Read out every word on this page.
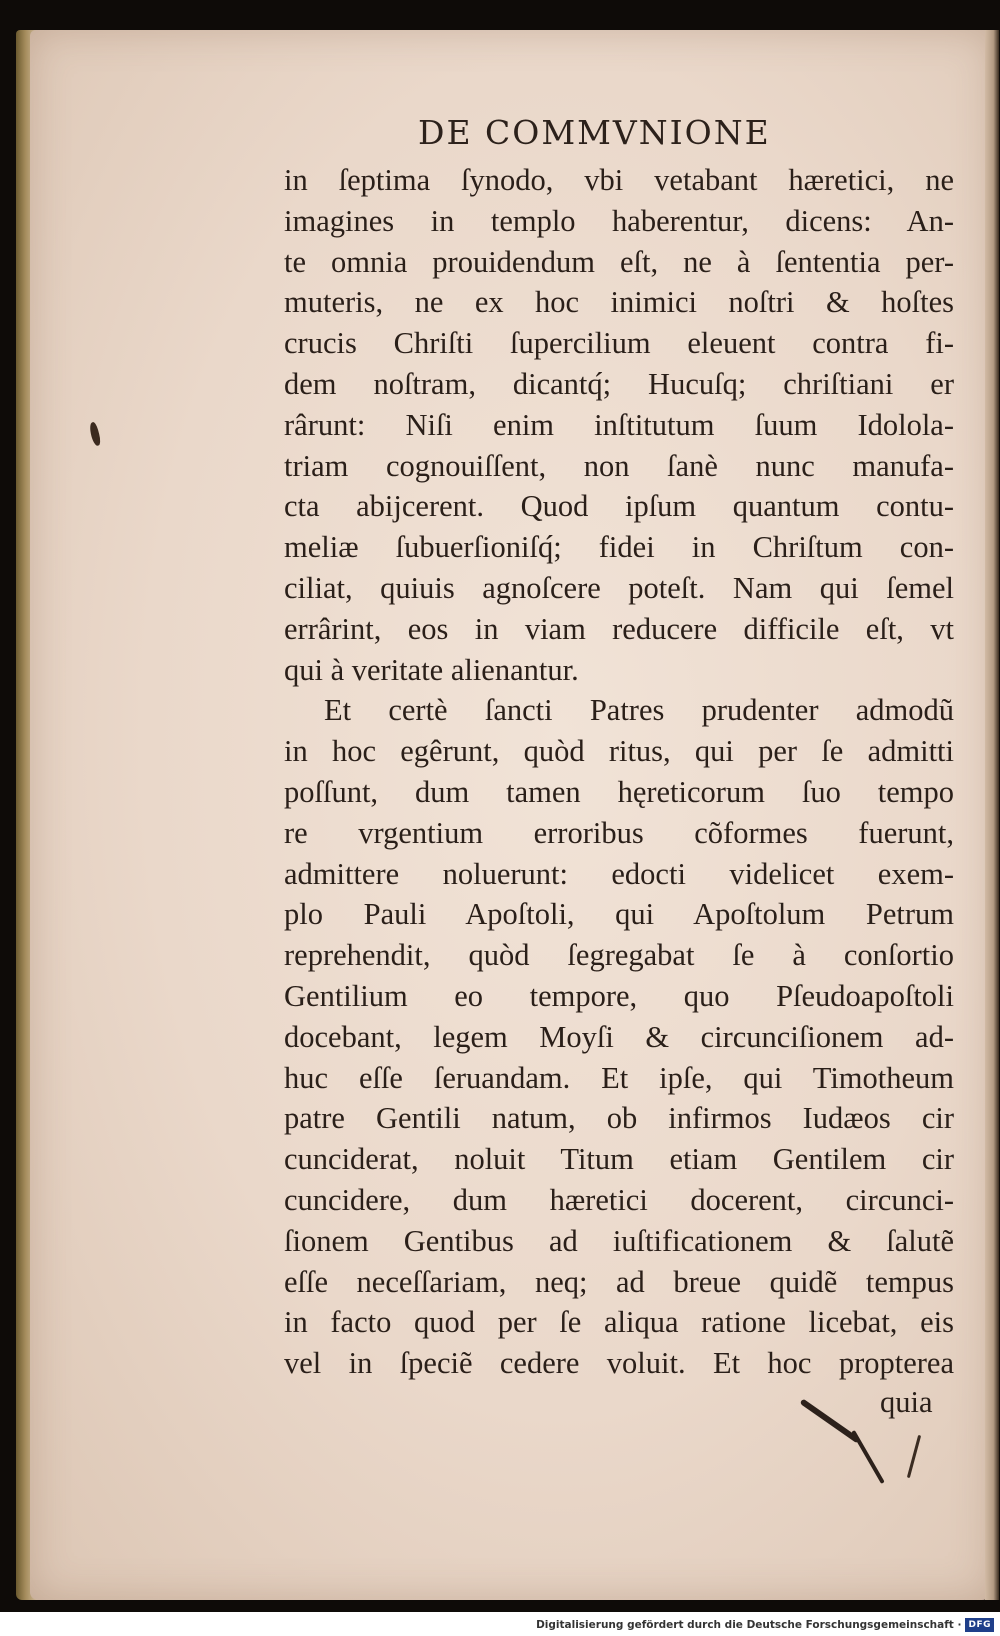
DE COMMVNIONE
in ſeptima ſynodo, vbi vetabant hæretici, ne
imagines in templo haberentur, dicens: An-
te omnia prouidendum eſt, ne à ſententia per-
muteris, ne ex hoc inimici noſtri & hoſtes
crucis Chriſti ſupercilium eleuent contra fi-
dem noſtram, dicantq́; Hucuſq; chriſtiani er
rârunt: Niſi enim inſtitutum ſuum Idolola-
triam cognouiſſent, non ſanè nunc manufa-
cta abijcerent. Quod ipſum quantum contu-
meliæ ſubuerſioniſq́; fidei in Chriſtum con-
ciliat, quiuis agnoſcere poteſt. Nam qui ſemel
errârint, eos in viam reducere difficile eſt, vt
qui à veritate alienantur.
Et certè ſancti Patres prudenter admodũ
in hoc egêrunt, quòd ritus, qui per ſe admitti
poſſunt, dum tamen hęreticorum ſuo tempo
re vrgentium erroribus cõformes fuerunt,
admittere noluerunt: edocti videlicet exem-
plo Pauli Apoſtoli, qui Apoſtolum Petrum
reprehendit, quòd ſegregabat ſe à conſortio
Gentilium eo tempore, quo Pſeudoapoſtoli
docebant, legem Moyſi & circuncіſionem ad-
huc eſſe ſeruandam. Et ipſe, qui Timotheum
patre Gentili natum, ob infirmos Iudæos cir
cunciderat, noluit Titum etiam Gentilem cir
cuncidere, dum hæretici docerent, circunci-
ſionem Gentibus ad iuſtificationem & ſalutẽ
eſſe neceſſariam, neq; ad breue quidẽ tempus
in facto quod per ſe aliqua ratione licebat, eis
vel in ſpeciẽ cedere voluit. Et hoc propterea
quia
Digitalisierung gefördert durch die Deutsche Forschungsgemeinschaft · DFG
